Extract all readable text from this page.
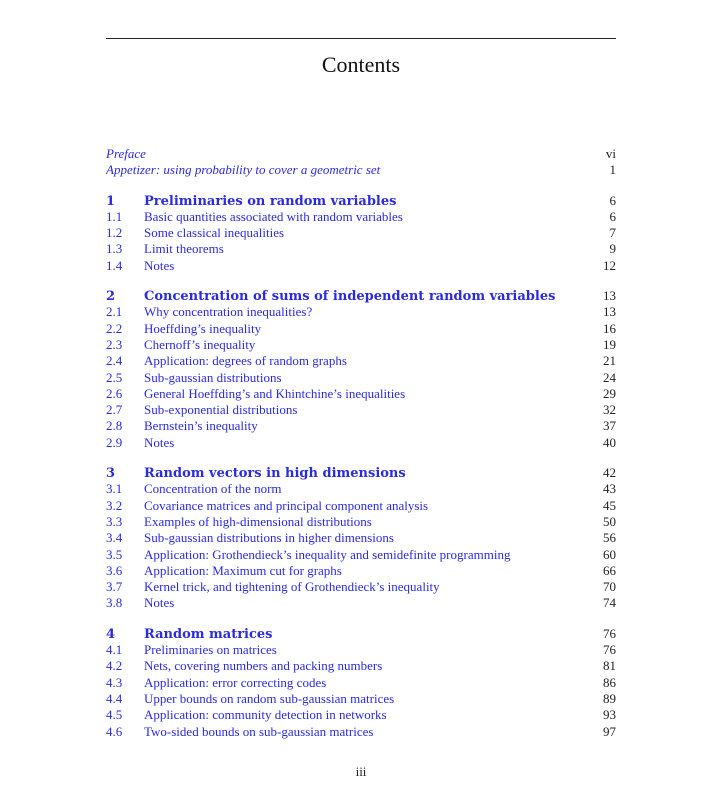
Contents
Preface	vi
Appetizer: using probability to cover a geometric set	1
1	Preliminaries on random variables	6
1.1	Basic quantities associated with random variables	6
1.2	Some classical inequalities	7
1.3	Limit theorems	9
1.4	Notes	12
2	Concentration of sums of independent random variables	13
2.1	Why concentration inequalities?	13
2.2	Hoeffding’s inequality	16
2.3	Chernoff’s inequality	19
2.4	Application: degrees of random graphs	21
2.5	Sub-gaussian distributions	24
2.6	General Hoeffding’s and Khintchine’s inequalities	29
2.7	Sub-exponential distributions	32
2.8	Bernstein’s inequality	37
2.9	Notes	40
3	Random vectors in high dimensions	42
3.1	Concentration of the norm	43
3.2	Covariance matrices and principal component analysis	45
3.3	Examples of high-dimensional distributions	50
3.4	Sub-gaussian distributions in higher dimensions	56
3.5	Application: Grothendieck’s inequality and semidefinite programming	60
3.6	Application: Maximum cut for graphs	66
3.7	Kernel trick, and tightening of Grothendieck’s inequality	70
3.8	Notes	74
4	Random matrices	76
4.1	Preliminaries on matrices	76
4.2	Nets, covering numbers and packing numbers	81
4.3	Application: error correcting codes	86
4.4	Upper bounds on random sub-gaussian matrices	89
4.5	Application: community detection in networks	93
4.6	Two-sided bounds on sub-gaussian matrices	97
iii
